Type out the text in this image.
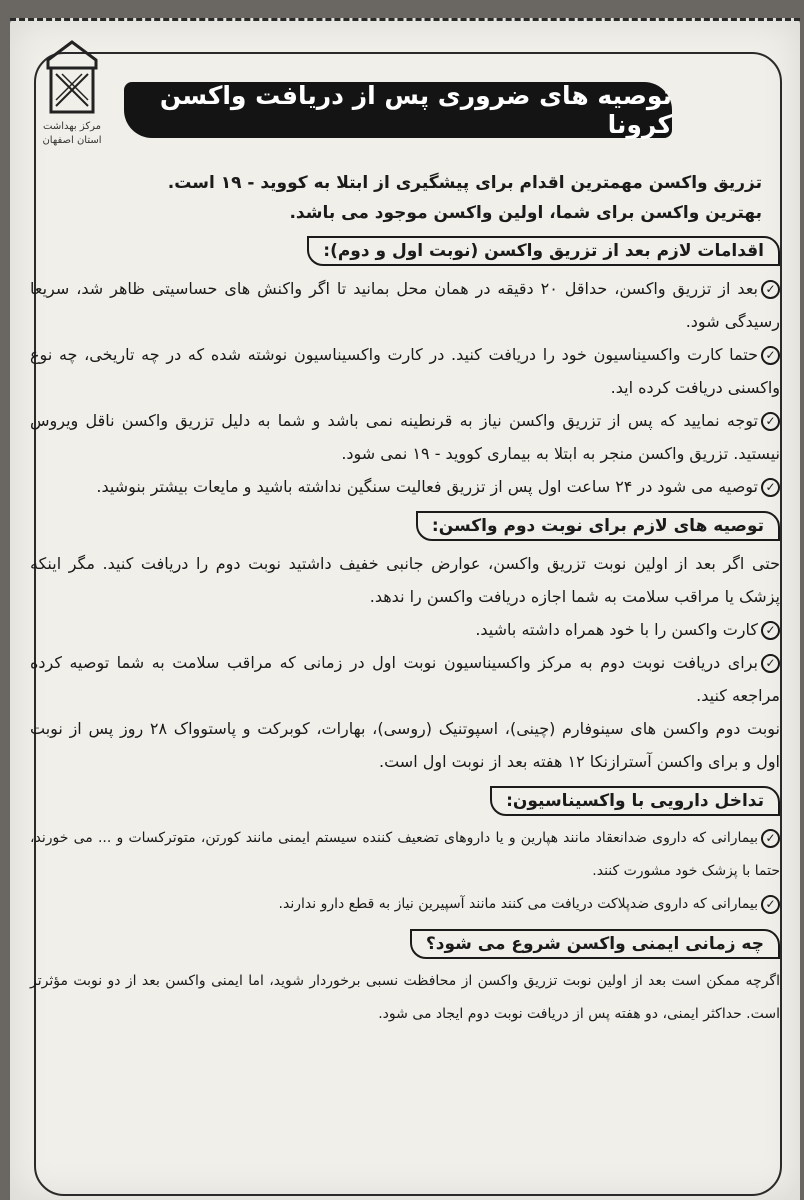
مرکز بهداشت
استان اصفهان
توصیه های ضروری پس از دریافت واکسن کرونا

تزریق واکسن مهمترین اقدام برای پیشگیری از ابتلا به کووید - ۱۹ است.

بهترین واکسن برای شما، اولین واکسن موجود می باشد.

اقدامات لازم بعد از تزریق واکسن (نوبت اول و دوم):

✓بعد از تزریق واکسن، حداقل ۲۰ دقیقه در همان محل بمانید تا اگر واکنش های حساسیتی ظاهر شد، سریعا رسیدگی شود.

✓حتما کارت واکسیناسیون خود را دریافت کنید. در کارت واکسیناسیون نوشته شده که در چه تاریخی، چه نوع واکسنی دریافت کرده اید.

✓توجه نمایید که پس از تزریق واکسن نیاز به قرنطینه نمی باشد و شما به دلیل تزریق واکسن ناقل ویروس نیستید. تزریق واکسن منجر به ابتلا به بیماری کووید - ۱۹ نمی شود.

✓توصیه می شود در ۲۴ ساعت اول پس از تزریق فعالیت سنگین نداشته باشید و مایعات بیشتر بنوشید.

توصیه های لازم برای نوبت دوم واکسن:

حتی اگر بعد از اولین نوبت تزریق واکسن، عوارض جانبی خفیف داشتید نوبت دوم را دریافت کنید. مگر اینکه پزشک یا مراقب سلامت به شما اجازه دریافت واکسن را ندهد.

✓کارت واکسن را با خود همراه داشته باشید.

✓برای دریافت نوبت دوم به مرکز واکسیناسیون نوبت اول در زمانی که مراقب سلامت به شما توصیه کرده مراجعه کنید.

نوبت دوم واکسن های سینوفارم (چینی)، اسپوتنیک (روسی)، بهارات، کوبرکت و پاستوواک ۲۸ روز پس از نوبت اول و برای واکسن آسترازنکا ۱۲ هفته بعد از نوبت اول است.

تداخل دارویی با واکسیناسیون:

✓بیمارانی که داروی ضدانعقاد مانند هپارین و یا داروهای تضعیف کننده سیستم ایمنی مانند کورتن، متوترکسات و ... می خورند، حتما با پزشک خود مشورت کنند.

✓بیمارانی که داروی ضدپلاکت دریافت می کنند مانند آسپیرین نیاز به قطع دارو ندارند.

چه زمانی ایمنی واکسن شروع می شود؟

اگرچه ممکن است بعد از اولین نوبت تزریق واکسن از محافظت نسبی برخوردار شوید، اما ایمنی واکسن بعد از دو نوبت مؤثرتر است. حداکثر ایمنی، دو هفته پس از دریافت نوبت دوم ایجاد می شود.
